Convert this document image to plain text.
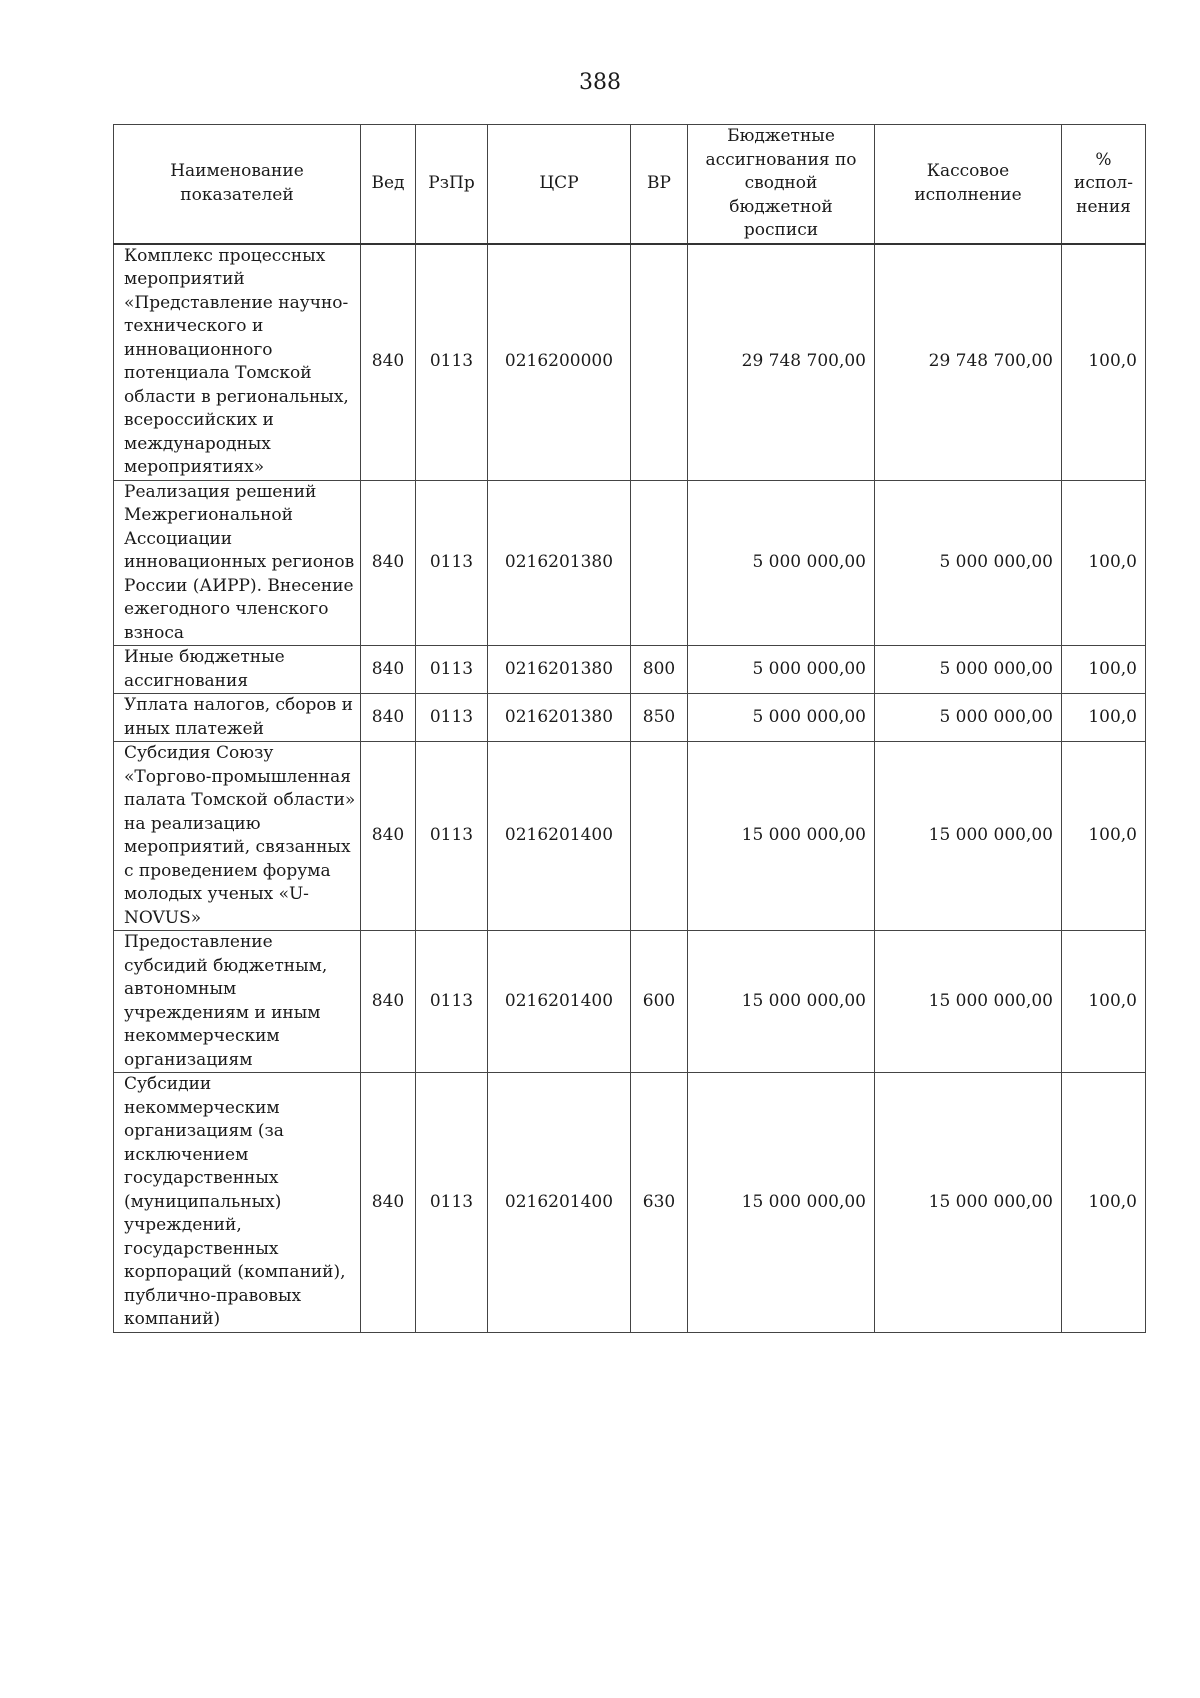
388
Наименование показателей	Вед	РзПр	ЦСР	ВР	Бюджетные ассигнования по сводной бюджетной росписи	Кассовое исполнение	% испол-нения
Комплекс процессных мероприятий «Представление научно-технического и инновационного потенциала Томской области в региональных, всероссийских и международных мероприятиях»	840	0113	0216200000		29 748 700,00	29 748 700,00	100,0
Реализация решений Межрегиональной Ассоциации инновационных регионов России (АИРР). Внесение ежегодного членского взноса	840	0113	0216201380		5 000 000,00	5 000 000,00	100,0
Иные бюджетные ассигнования	840	0113	0216201380	800	5 000 000,00	5 000 000,00	100,0
Уплата налогов, сборов и иных платежей	840	0113	0216201380	850	5 000 000,00	5 000 000,00	100,0
Субсидия Союзу «Торгово-промышленная палата Томской области» на реализацию мероприятий, связанных с проведением форума молодых ученых «U-NOVUS»	840	0113	0216201400		15 000 000,00	15 000 000,00	100,0
Предоставление субсидий бюджетным, автономным учреждениям и иным некоммерческим организациям	840	0113	0216201400	600	15 000 000,00	15 000 000,00	100,0
Субсидии некоммерческим организациям (за исключением государственных (муниципальных) учреждений, государственных корпораций (компаний), публично-правовых компаний)	840	0113	0216201400	630	15 000 000,00	15 000 000,00	100,0
